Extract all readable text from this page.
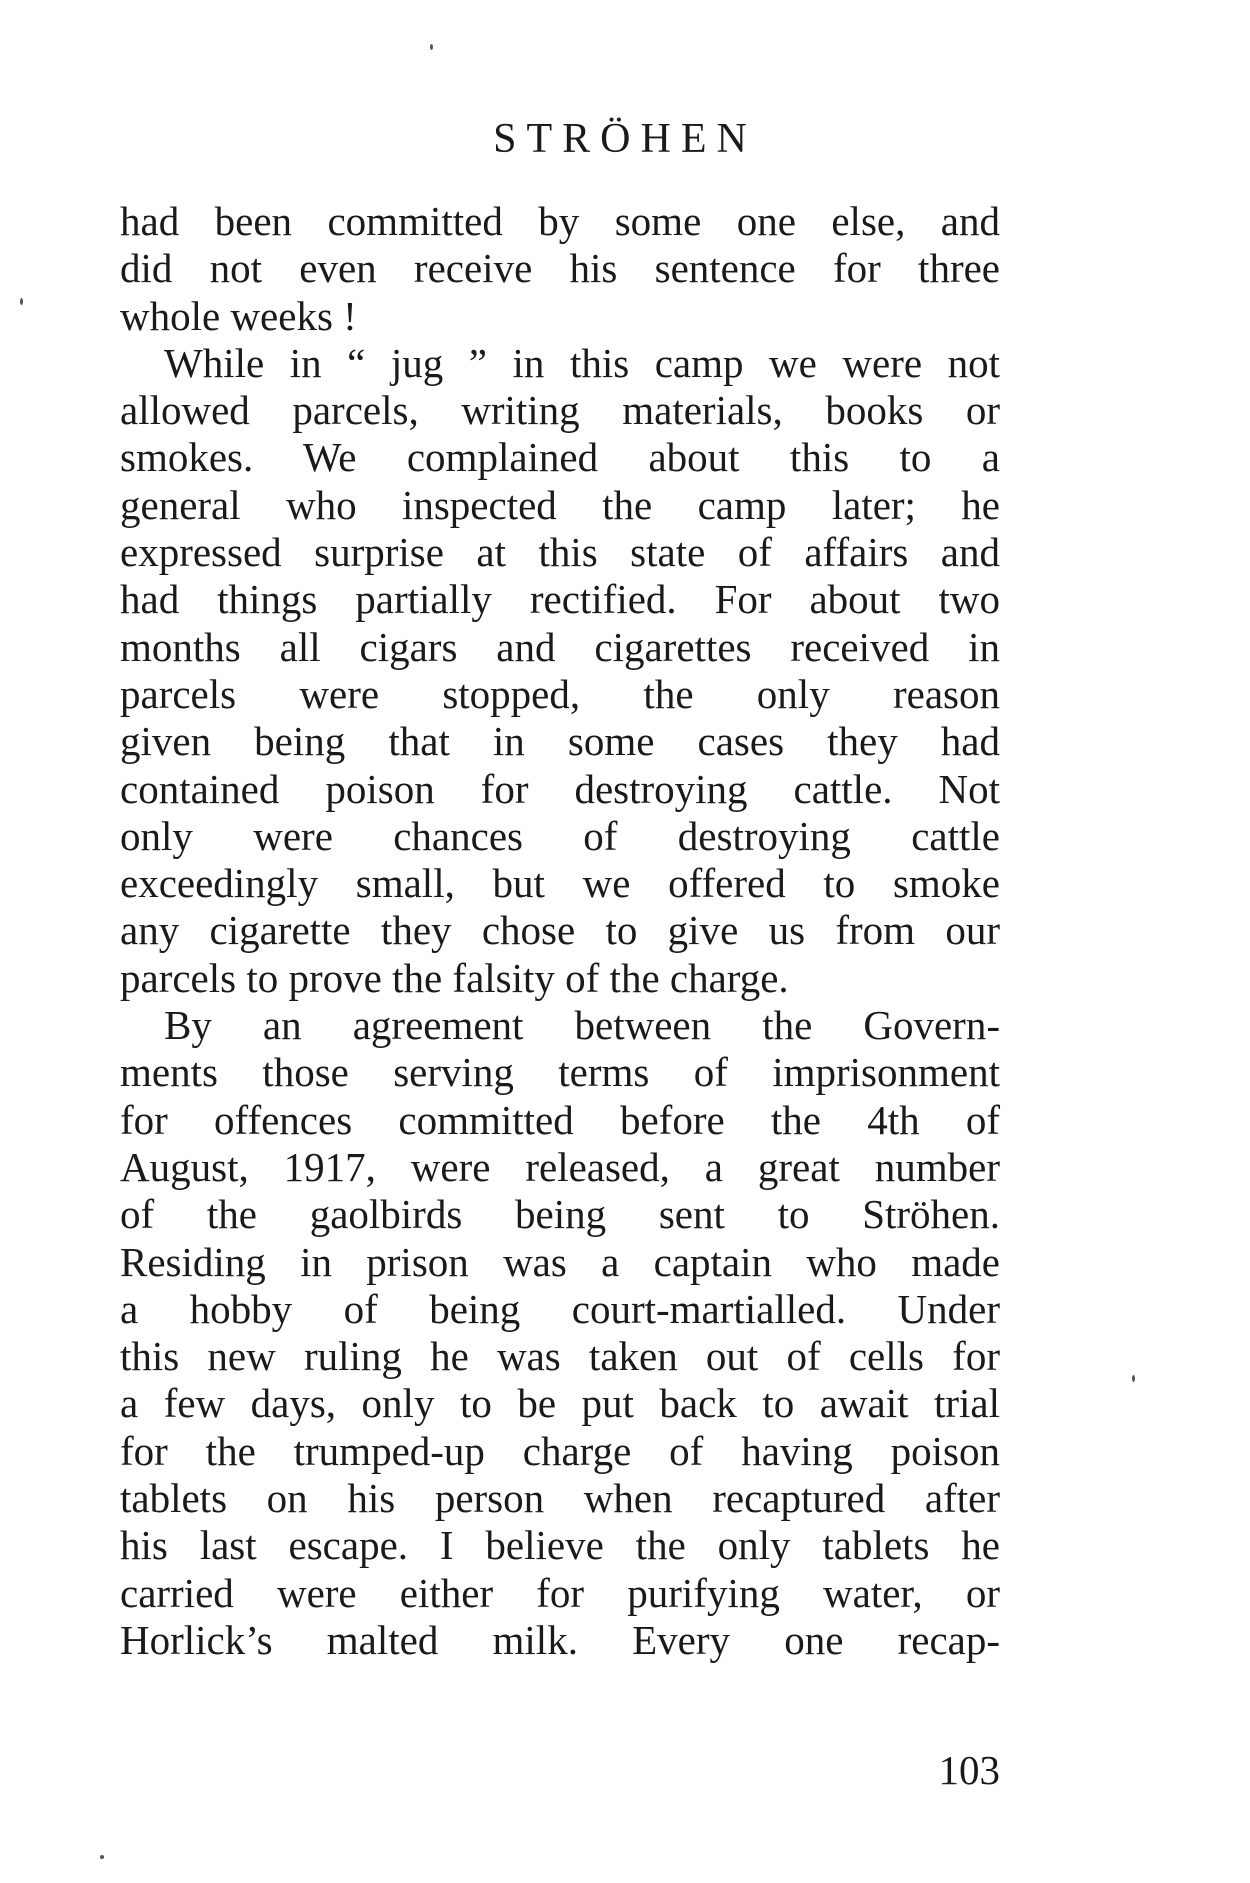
STRÖHEN
had been committed by some one else, and
did not even receive his sentence for three
whole weeks !
While in “ jug ” in this camp we were not
allowed parcels, writing materials, books or
smokes. We complained about this to a
general who inspected the camp later; he
expressed surprise at this state of affairs and
had things partially rectified. For about two
months all cigars and cigarettes received in
parcels were stopped, the only reason
given being that in some cases they had
contained poison for destroying cattle. Not
only were chances of destroying cattle
exceedingly small, but we offered to smoke
any cigarette they chose to give us from our
parcels to prove the falsity of the charge.
By an agreement between the Govern-
ments those serving terms of imprisonment
for offences committed before the 4th of
August, 1917, were released, a great number
of the gaolbirds being sent to Ströhen.
Residing in prison was a captain who made
a hobby of being court-martialled. Under
this new ruling he was taken out of cells for
a few days, only to be put back to await trial
for the trumped-up charge of having poison
tablets on his person when recaptured after
his last escape. I believe the only tablets he
carried were either for purifying water, or
Horlick’s malted milk. Every one recap-
103
